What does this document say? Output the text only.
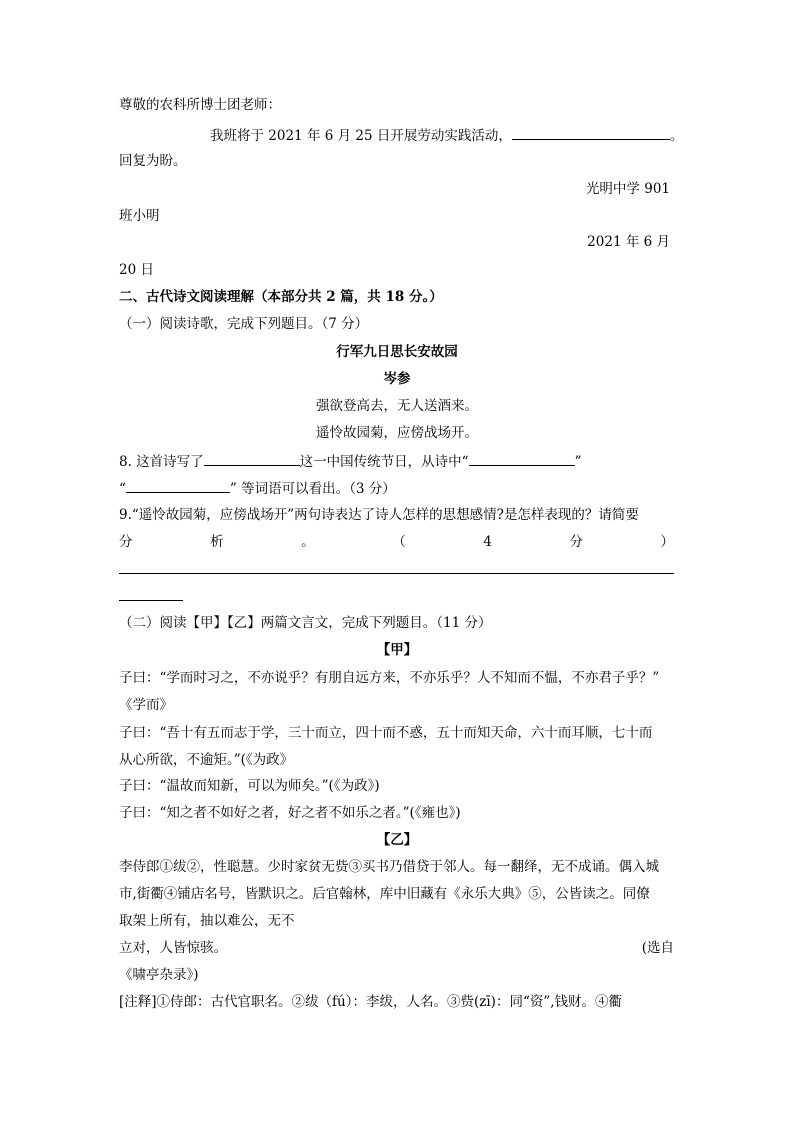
尊敬的农科所博士团老师：
我班将于 2021 年 6 月 25 日开展劳动实践活动，	。
回复为盼。
光明中学 901
班小明
2021 年 6 月
20 日
二、古代诗文阅读理解（本部分共 2 篇，共 18 分。）
（一）阅读诗歌，完成下列题目。（7 分）
行军九日思长安故园
岑参
强欲登高去，无人送酒来。
遥怜故园菊，应傍战场开。
8. 这首诗写了	这一中国传统节日，从诗中“	”
“	” 等词语可以看出。（3 分）
9.“遥怜故园菊，应傍战场开”两句诗表达了诗人怎样的思想感情?是怎样表现的？请简要
分	析	。	（	4	分	）
（二）阅读【甲】【乙】两篇文言文，完成下列题目。（11 分）
【甲】
子曰：“学而时习之，不亦说乎？有朋自远方来，不亦乐乎？人不知而不愠，不亦君子乎？”
《学而》
子曰：“吾十有五而志于学，三十而立，四十而不惑，五十而知天命，六十而耳顺，七十而
从心所欲，不逾矩。”(《为政》
子曰：“温故而知新，可以为师矣。”(《为政》)
子曰：“知之者不如好之者，好之者不如乐之者。”(《雍也》)
【乙】
李侍郎①绂②，性聪慧。少时家贫无赀③买书乃借贷于邻人。每一翻绎，无不成诵。偶入城
市,街衢④铺店名号，皆默识之。后官翰林，库中旧藏有《永乐大典》⑤，公皆读之。同僚
取架上所有，抽以难公，无不
立对，人皆惊骇。	(选自
《啸亭杂录》)
[注释]①侍郎：古代官职名。②绂（fú）：李绂，人名。③赀(zī)：同“资”,钱财。④衢
